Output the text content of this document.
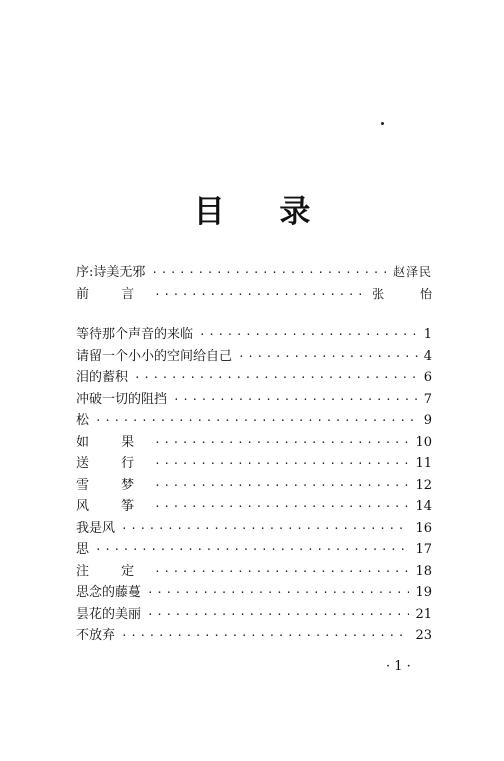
目 录
序:诗美无邪 ·····	赵泽民
前 言 ·····	张 怡
等待那个声音的来临 ·····	1
请留一个小小的空间给自己 ·····	4
泪的蓄积 ·····	6
冲破一切的阻挡 ·····	7
松 ·····	9
如 果 ·····	10
送 行 ·····	11
雪 梦 ·····	12
风 筝 ·····	14
我是风 ·····	16
思 ·····	17
注 定 ·····	18
思念的藤蔓 ·····	19
昙花的美丽 ·····	21
不放弃 ·····	23
· 1 ·
